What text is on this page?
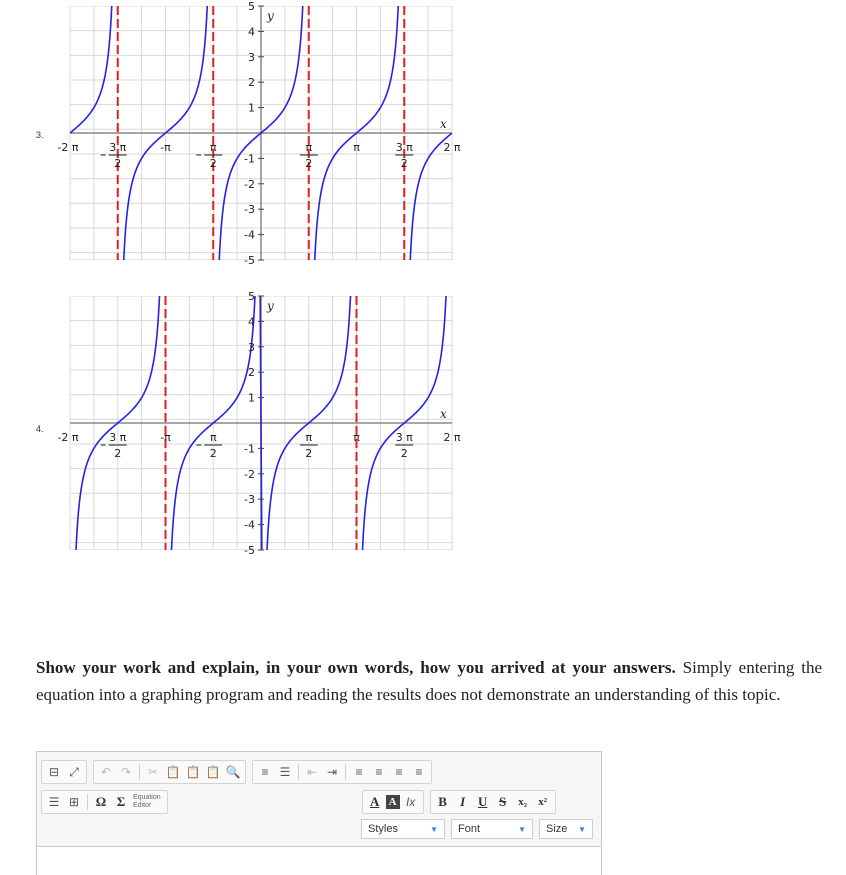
3.
4.
-2 π	3 π
2
-π	π
2
π
2
π	3 π
2
2 π
5
4
3
2
1
-1
-2
-3
-4
-5
x
y
-2 π	3 π
2
-π	π
2
π
2
π	3 π
2
2 π
5
4
3
2
1
-1
-2
-3
-4
-5
x
y
Show your work and explain, in your own words, how you arrived at your answers. Simply entering the equation into a graphing program and reading the results does not demonstrate an understanding of this topic.
⊟ ⤢	↶ ↷	✂ 📋 📋 📋 🔍	≡ ☰	⇤ ⇥	≡	≡	≡	≡
☰ ⊞	Ω Σ	Equation
Editor	A A Ix	B	I U S	x₂	x²
Styles	▼ Font	▼ Size ▼
